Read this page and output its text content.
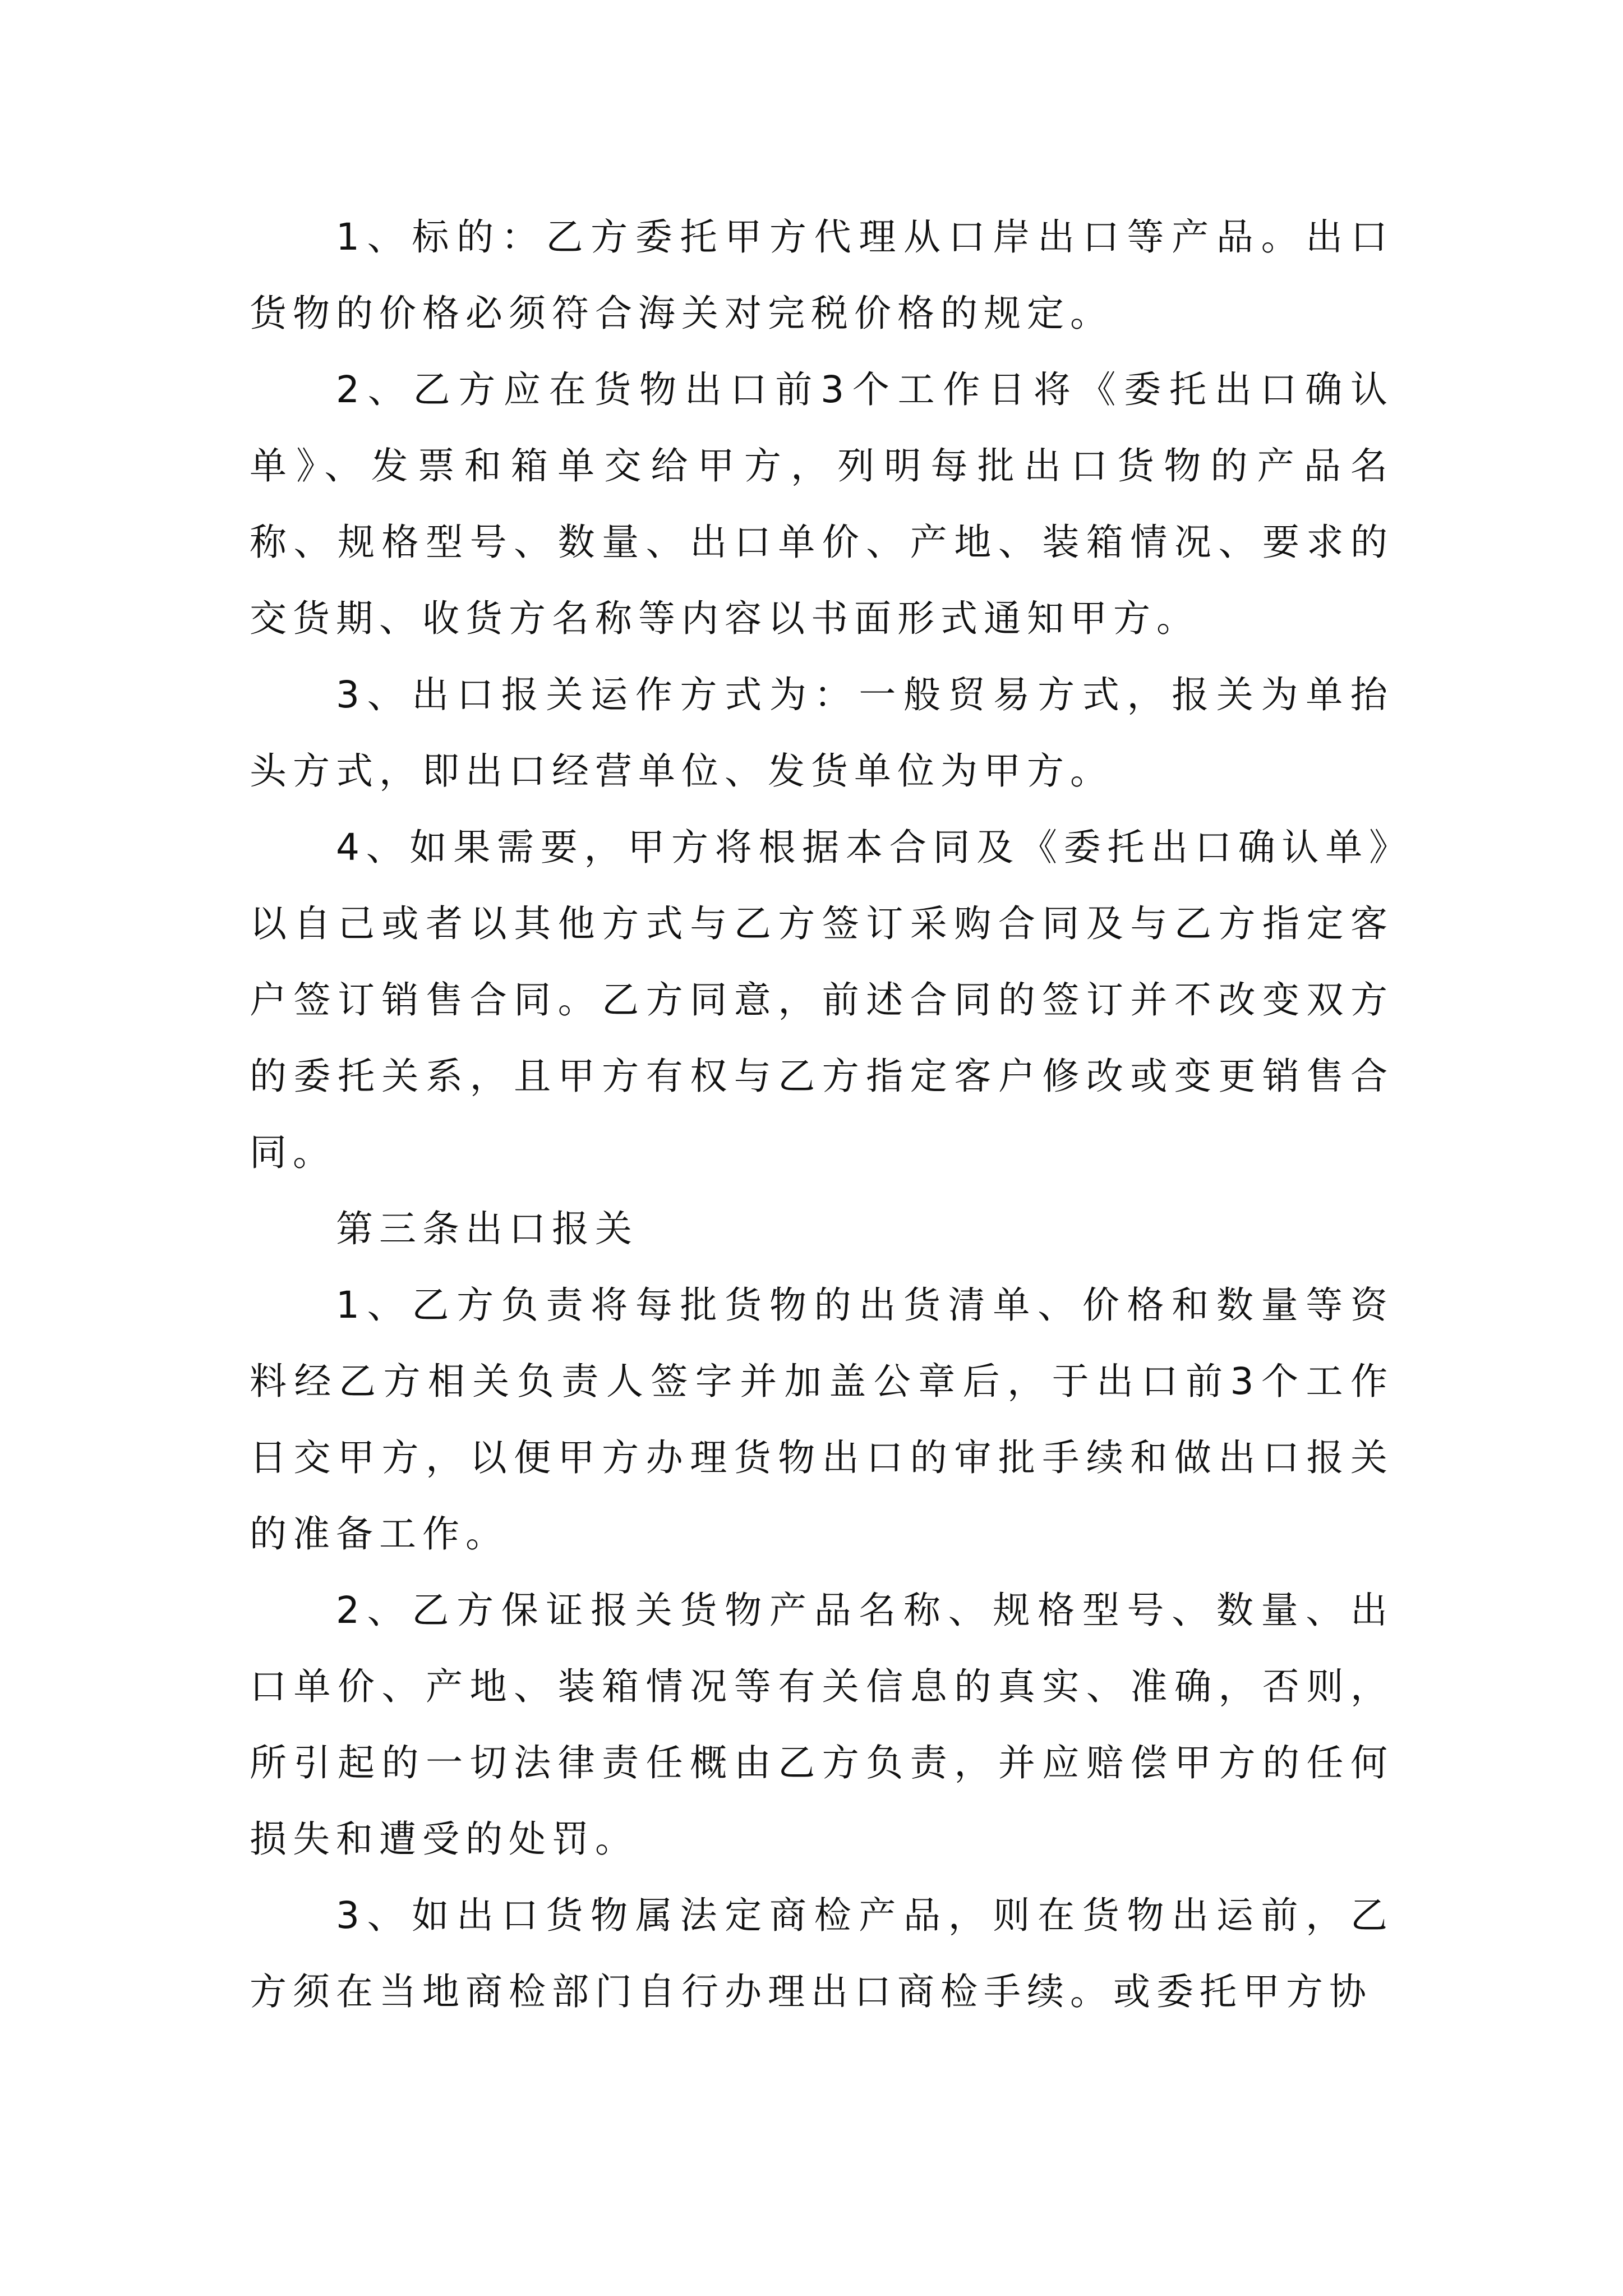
1、标的：乙方委托甲方代理从口岸出口等产品。出口货物的价格必须符合海关对完税价格的规定。

2、乙方应在货物出口前3个工作日将《委托出口确认单》、发票和箱单交给甲方，列明每批出口货物的产品名称、规格型号、数量、出口单价、产地、装箱情况、要求的交货期、收货方名称等内容以书面形式通知甲方。

3、出口报关运作方式为：一般贸易方式，报关为单抬头方式，即出口经营单位、发货单位为甲方。

4、如果需要，甲方将根据本合同及《委托出口确认单》以自己或者以其他方式与乙方签订采购合同及与乙方指定客户签订销售合同。乙方同意，前述合同的签订并不改变双方的委托关系，且甲方有权与乙方指定客户修改或变更销售合同。

第三条出口报关

1、乙方负责将每批货物的出货清单、价格和数量等资料经乙方相关负责人签字并加盖公章后，于出口前3个工作日交甲方，以便甲方办理货物出口的审批手续和做出口报关的准备工作。

2、乙方保证报关货物产品名称、规格型号、数量、出口单价、产地、装箱情况等有关信息的真实、准确，否则，所引起的一切法律责任概由乙方负责，并应赔偿甲方的任何损失和遭受的处罚。

3、如出口货物属法定商检产品，则在货物出运前，乙方须在当地商检部门自行办理出口商检手续。或委托甲方协
